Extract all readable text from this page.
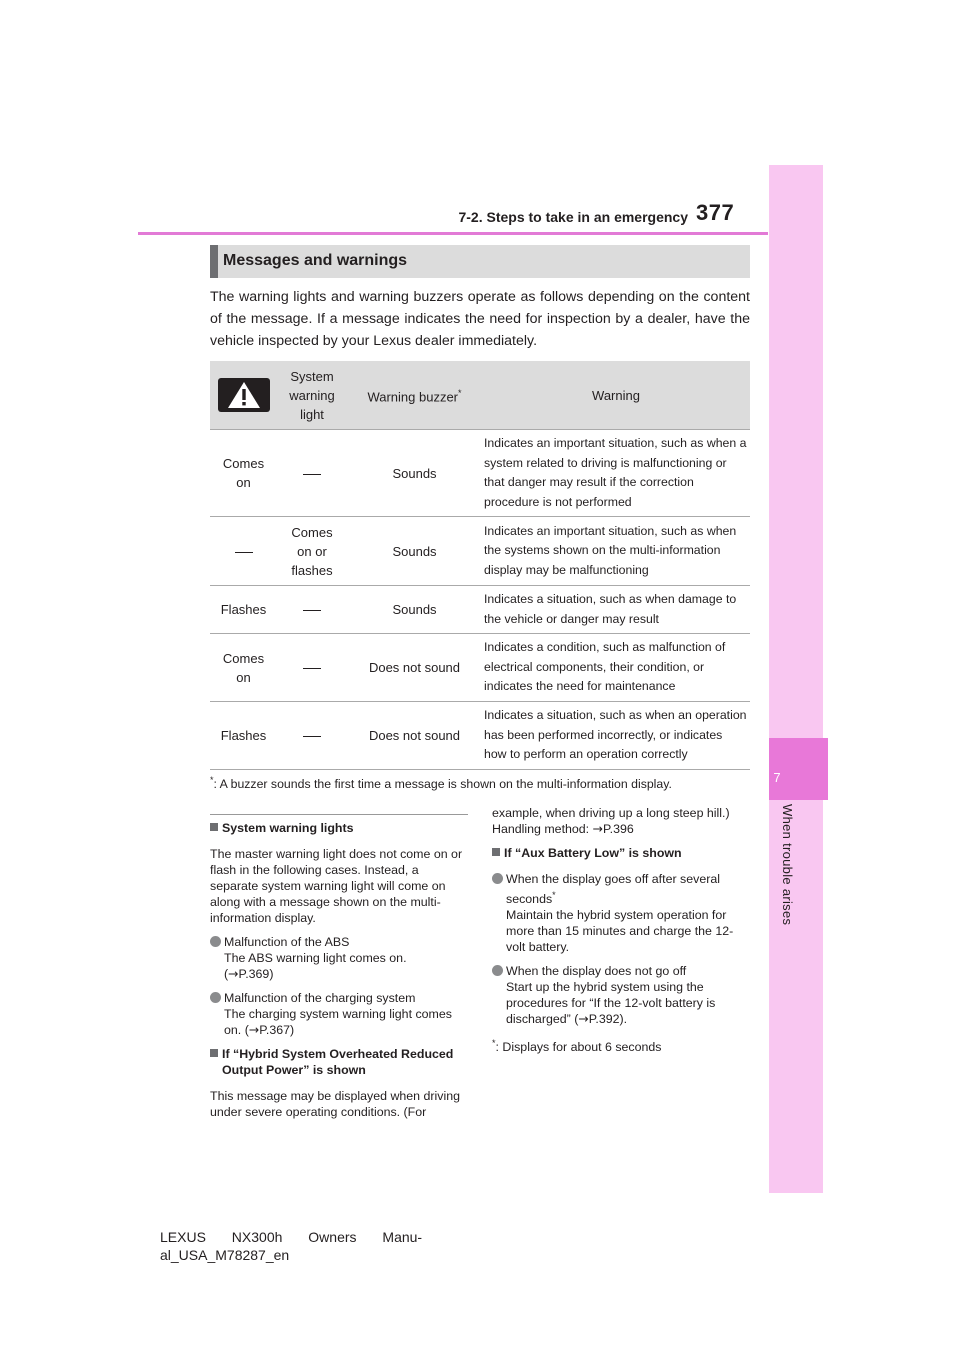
7-2. Steps to take in an emergency 377
7
When trouble arises
Messages and warnings
The warning lights and warning buzzers operate as follows depending on the content of the message. If a message indicates the need for inspection by a dealer, have the vehicle inspected by your Lexus dealer immediately.

System
warning
light	Warning buzzer*	Warning

Comes
on		Sounds	Indicates an important situation, such as when a system related to driving is malfunctioning or that danger may result if the correction procedure is not performed

	Comes
on or
flashes	Sounds	Indicates an important situation, such as when the systems shown on the multi-information display may be malfunctioning

Flashes		Sounds	Indicates a situation, such as when damage to the vehicle or danger may result

Comes
on		Does not sound	Indicates a condition, such as malfunction of electrical components, their condition, or indicates the need for maintenance

Flashes		Does not sound	Indicates a situation, such as when an operation has been performed incorrectly, or indicates how to perform an operation correctly
*: A buzzer sounds the first time a message is shown on the multi-information display.
System warning lights
The master warning light does not come on or flash in the following cases. Instead, a separate system warning light will come on along with a message shown on the multi-information display.
Malfunction of the ABS
The ABS warning light comes on.
(→P.369)
Malfunction of the charging system
The charging system warning light comes on. (→P.367)
If “Hybrid System Overheated Reduced Output Power” is shown
This message may be displayed when driving under severe operating conditions. (For
example, when driving up a long steep hill.)
Handling method: →P.396
If “Aux Battery Low” is shown
When the display goes off after several seconds*
Maintain the hybrid system operation for more than 15 minutes and charge the 12-volt battery.
When the display does not go off
Start up the hybrid system using the procedures for “If the 12-volt battery is discharged” (→P.392).
*: Displays for about 6 seconds
LEXUS NX300h Owners Manu-
al_USA_M78287_en
